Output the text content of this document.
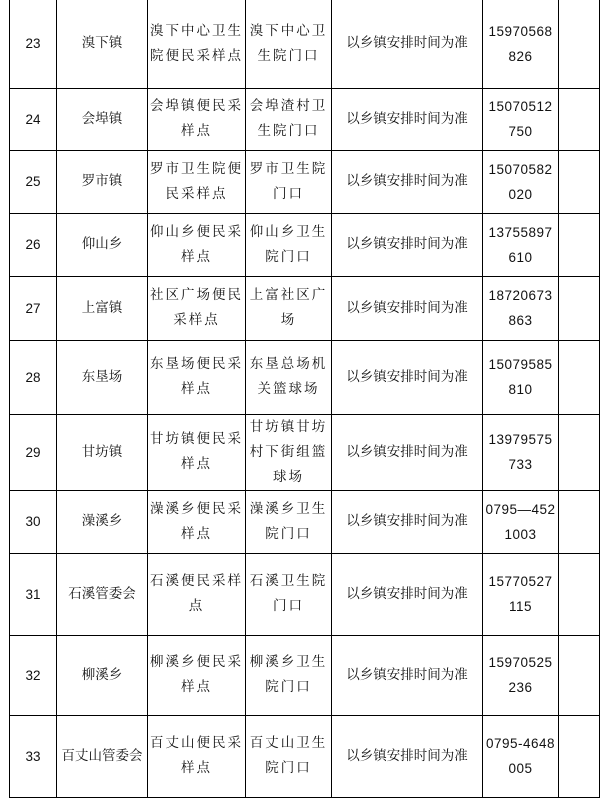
23	溴下镇	溴下中心卫生院便民采样点	溴下中心卫生院门口	以乡镇安排时间为准	15970568826	
24	会埠镇	会埠镇便民采样点	会埠渣村卫生院门口	以乡镇安排时间为准	15070512750	
25	罗市镇	罗市卫生院便民采样点	罗市卫生院门口	以乡镇安排时间为准	15070582020	
26	仰山乡	仰山乡便民采样点	仰山乡卫生院门口	以乡镇安排时间为准	13755897610	
27	上富镇	社区广场便民采样点	上富社区广场	以乡镇安排时间为准	18720673863	
28	东垦场	东垦场便民采样点	东垦总场机关篮球场	以乡镇安排时间为准	15079585810	
29	甘坊镇	甘坊镇便民采样点	甘坊镇甘坊村下街组篮球场	以乡镇安排时间为准	13979575733	
30	澡溪乡	澡溪乡便民采样点	澡溪乡卫生院门口	以乡镇安排时间为准	0795—4521003	
31	石溪管委会	石溪便民采样点	石溪卫生院门口	以乡镇安排时间为准	15770527115	
32	柳溪乡	柳溪乡便民采样点	柳溪乡卫生院门口	以乡镇安排时间为准	15970525236	
33	百丈山管委会	百丈山便民采样点	百丈山卫生院门口	以乡镇安排时间为准	0795-4648005	
